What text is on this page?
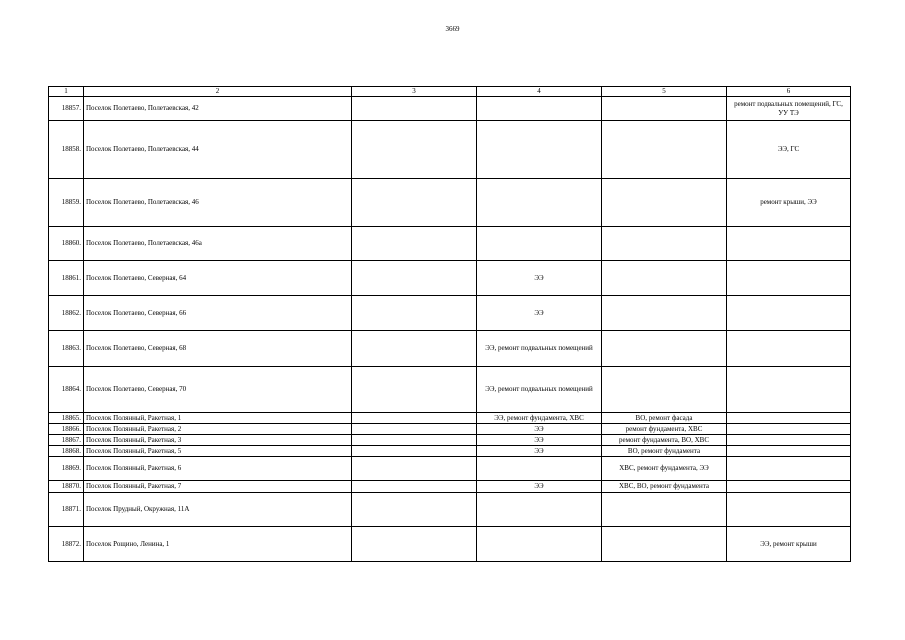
3669
1	2	3	4	5	6
18857.	Поселок Полетаево, Полетаевская, 42				ремонт подвальных помещений, ГС, УУ ТЭ
18858.	Поселок Полетаево, Полетаевская, 44				ЭЭ, ГС
18859.	Поселок Полетаево, Полетаевская, 46				ремонт крыши, ЭЭ
18860.	Поселок Полетаево, Полетаевская, 46а				
18861.	Поселок Полетаево, Северная, 64		ЭЭ		
18862.	Поселок Полетаево, Северная, 66		ЭЭ		
18863.	Поселок Полетаево, Северная, 68		ЭЭ, ремонт подвальных помещений		
18864.	Поселок Полетаево, Северная, 70		ЭЭ, ремонт подвальных помещений		
18865.	Поселок Полянный, Ракетная, 1		ЭЭ, ремонт фундамента, ХВС	ВО, ремонт фасада	
18866.	Поселок Полянный, Ракетная, 2		ЭЭ	ремонт фундамента, ХВС	
18867.	Поселок Полянный, Ракетная, 3		ЭЭ	ремонт фундамента, ВО, ХВС	
18868.	Поселок Полянный, Ракетная, 5		ЭЭ	ВО, ремонт фундамента	
18869.	Поселок Полянный, Ракетная, 6			ХВС, ремонт фундамента, ЭЭ	
18870.	Поселок Полянный, Ракетная, 7		ЭЭ	ХВС, ВО, ремонт фундамента	
18871.	Поселок Прудный, Окружная, 11А				
18872.	Поселок Рощино, Ленина, 1				ЭЭ, ремонт крыши
